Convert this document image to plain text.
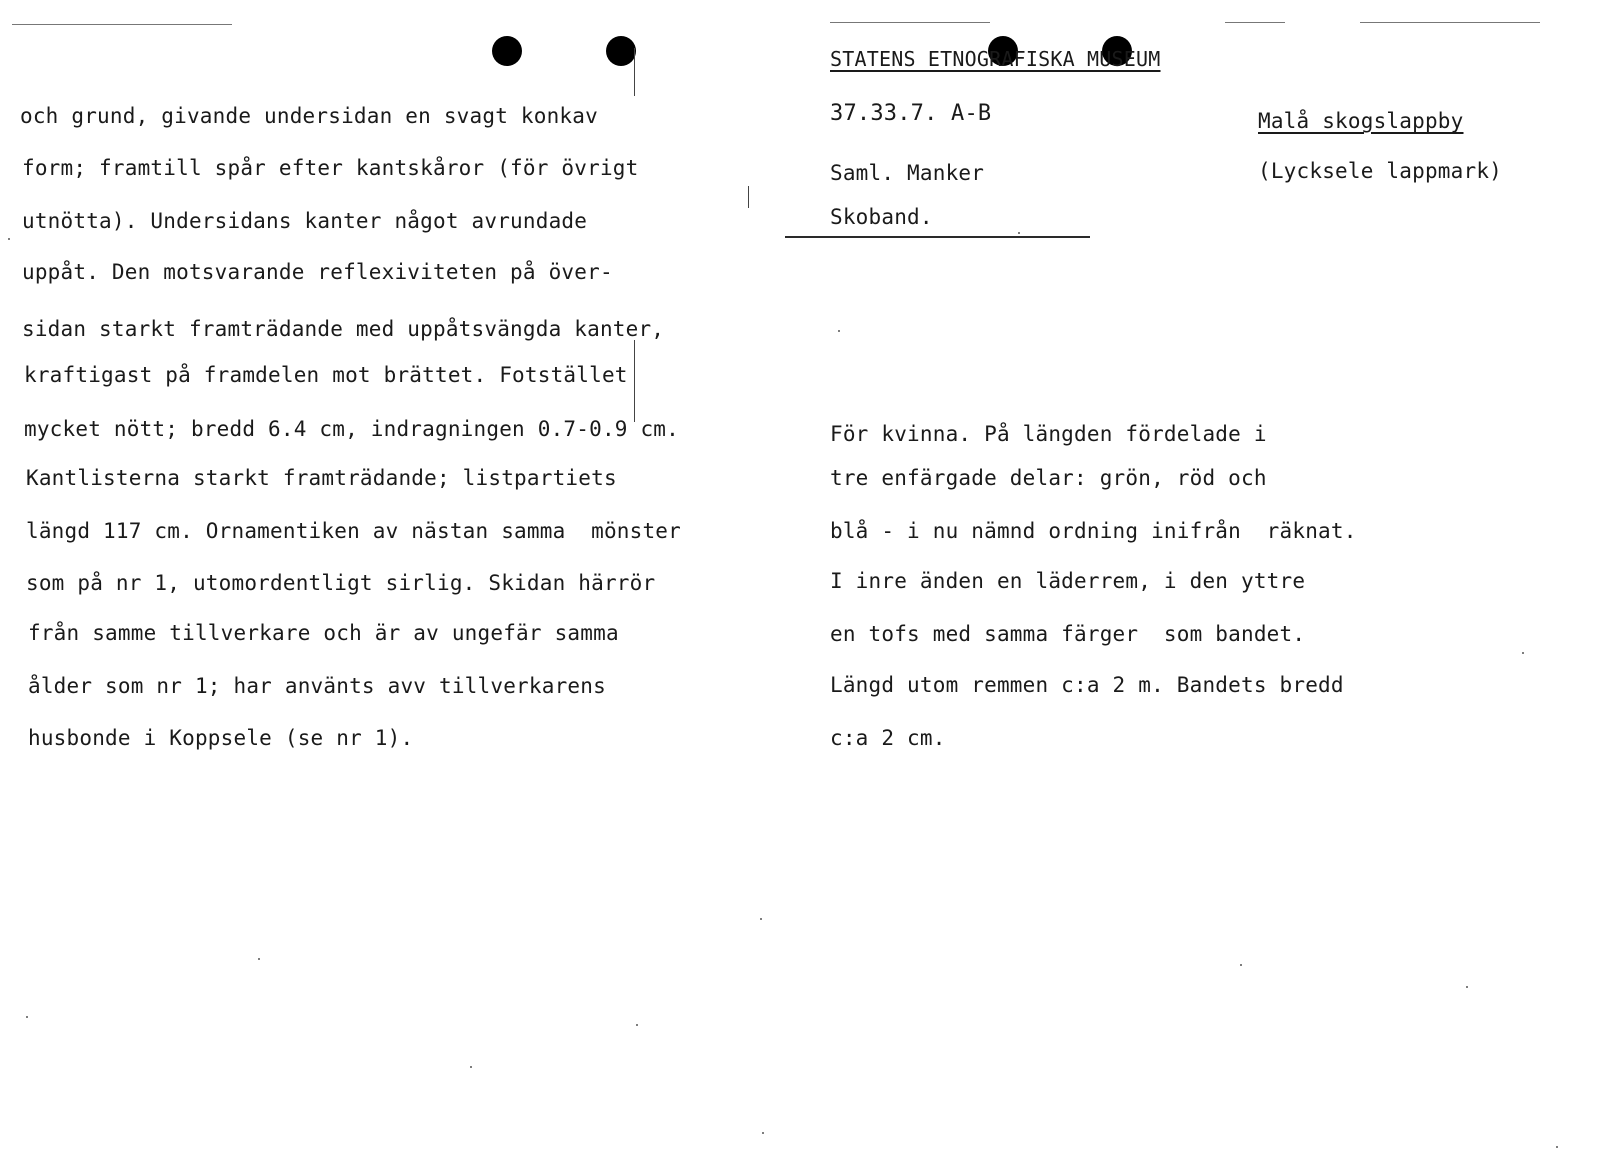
STATENS ETNOGRAFISKA MUSEUM
37.33.7. A-B	Malå skogslappby
(Lycksele lappmark)
Saml. Manker
Skoband.
och grund, givande undersidan en svagt konkav
form; framtill spår efter kantskåror (för övrigt
utnötta). Undersidans kanter något avrundade
uppåt. Den motsvarande reflexiviteten på över-
sidan starkt framträdande med uppåtsvängda kanter,
kraftigast på framdelen mot brättet. Fotstället
mycket nött; bredd 6.4 cm, indragningen 0.7-0.9 cm.
Kantlisterna starkt framträdande; listpartiets
längd 117 cm. Ornamentiken av nästan samma  mönster
som på nr 1, utomordentligt sirlig. Skidan härrör
från samme tillverkare och är av ungefär samma
ålder som nr 1; har använts avv tillverkarens
husbonde i Koppsele (se nr 1).
För kvinna. På längden fördelade i
tre enfärgade delar: grön, röd och
blå - i nu nämnd ordning inifrån  räknat.
I inre änden en läderrem, i den yttre
en tofs med samma färger  som bandet.
Längd utom remmen c:a 2 m. Bandets bredd
c:a 2 cm.
